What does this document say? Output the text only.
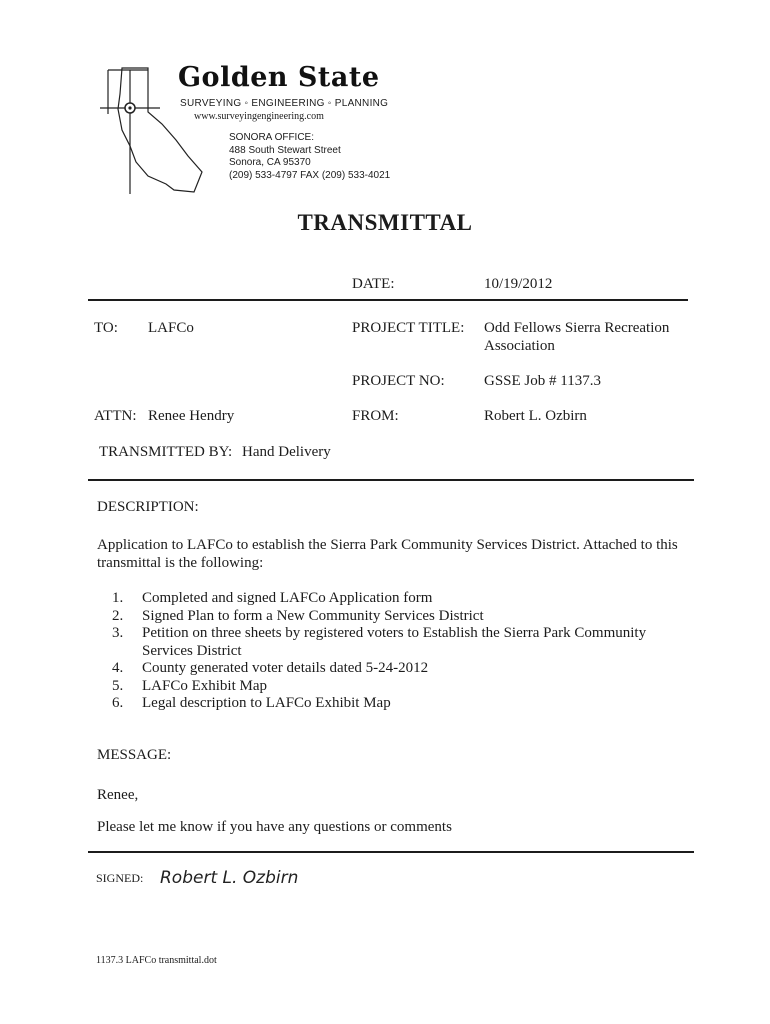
Golden State
SURVEYING ◦ ENGINEERING ◦ PLANNING
www.surveyingengineering.com
SONORA OFFICE:
488 South Stewart Street
Sonora, CA 95370
(209) 533-4797 FAX (209) 533-4021
TRANSMITTAL
DATE:	10/19/2012
TO: LAFCo	PROJECT TITLE: Odd Fellows Sierra Recreation
Association
PROJECT NO:	GSSE Job # 1137.3
ATTN: Renee Hendry	FROM:	Robert L. Ozbirn
TRANSMITTED BY: Hand Delivery
DESCRIPTION:
Application to LAFCo to establish the Sierra Park Community Services District. Attached to this transmittal is the following:
1.	Completed and signed LAFCo Application form
2.	Signed Plan to form a New Community Services District
3.	Petition on three sheets by registered voters to Establish the Sierra Park Community Services District
4.	County generated voter details dated 5-24-2012
5.	LAFCo Exhibit Map
6.	Legal description to LAFCo Exhibit Map
MESSAGE:
Renee,
Please let me know if you have any questions or comments
SIGNED: Robert L. Ozbirn
1137.3 LAFCo transmittal.dot
